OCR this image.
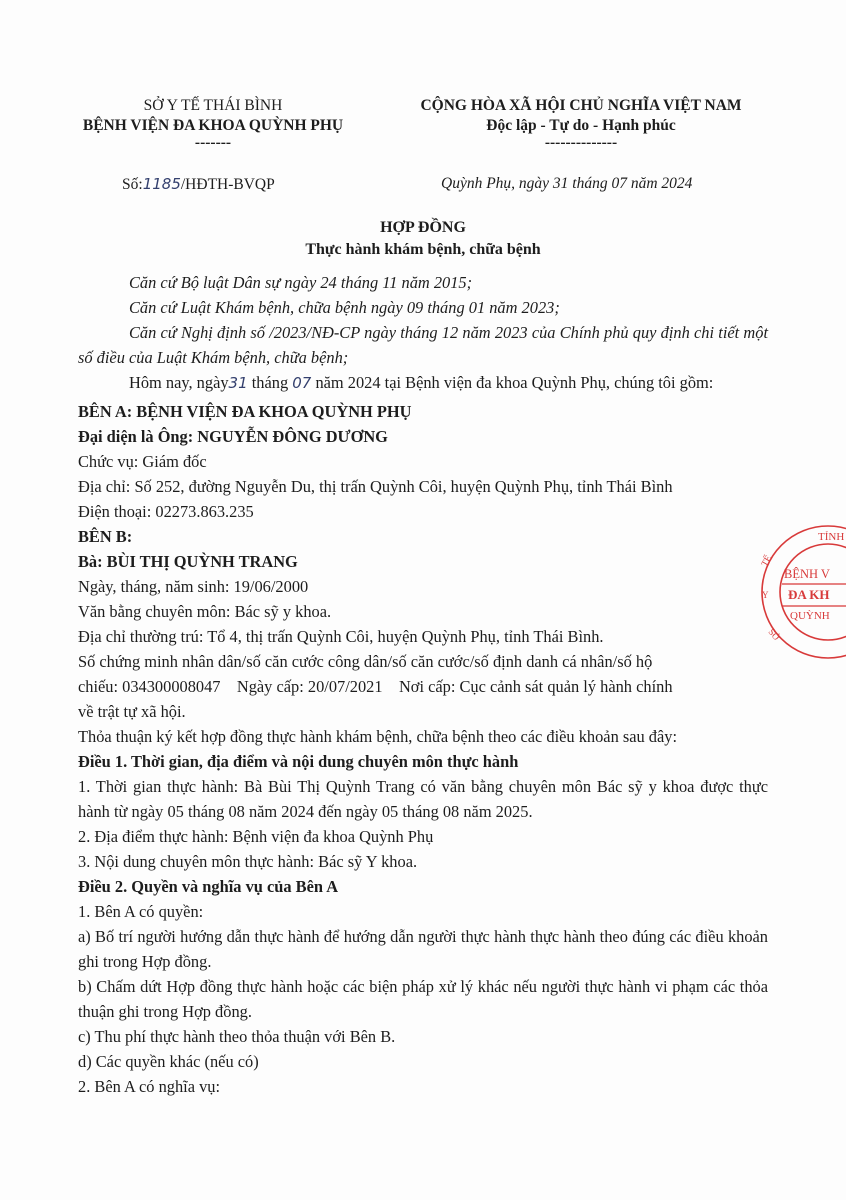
SỞ Y TẾ THÁI BÌNH
BỆNH VIỆN ĐA KHOA QUỲNH PHỤ
-------
CỘNG HÒA XÃ HỘI CHỦ NGHĨA VIỆT NAM
Độc lập - Tự do - Hạnh phúc
--------------
Số:1185/HĐTH-BVQP	Quỳnh Phụ, ngày 31 tháng 07 năm 2024
HỢP ĐỒNG
Thực hành khám bệnh, chữa bệnh

Căn cứ Bộ luật Dân sự ngày 24 tháng 11 năm 2015;

Căn cứ Luật Khám bệnh, chữa bệnh ngày 09 tháng 01 năm 2023;

Căn cứ Nghị định số /2023/NĐ-CP ngày tháng 12 năm 2023 của Chính phủ quy định chi tiết một số điều của Luật Khám bệnh, chữa bệnh;

Hôm nay, ngày31 tháng 07 năm 2024 tại Bệnh viện đa khoa Quỳnh Phụ, chúng tôi gồm:

BÊN A: BỆNH VIỆN ĐA KHOA QUỲNH PHỤ

Đại diện là Ông: NGUYỄN ĐÔNG DƯƠNG

Chức vụ: Giám đốc

Địa chỉ: Số 252, đường Nguyễn Du, thị trấn Quỳnh Côi, huyện Quỳnh Phụ, tỉnh Thái Bình

Điện thoại: 02273.863.235

BÊN B:

Bà: BÙI THỊ QUỲNH TRANG

Ngày, tháng, năm sinh: 19/06/2000

Văn bằng chuyên môn: Bác sỹ y khoa.

Địa chỉ thường trú: Tổ 4, thị trấn Quỳnh Côi, huyện Quỳnh Phụ, tỉnh Thái Bình.

Số chứng minh nhân dân/số căn cước công dân/số căn cước/số định danh cá nhân/số hộ

chiếu: 034300008047    Ngày cấp: 20/07/2021    Nơi cấp: Cục cảnh sát quản lý hành chính

về trật tự xã hội.

Thỏa thuận ký kết hợp đồng thực hành khám bệnh, chữa bệnh theo các điều khoản sau đây:

Điều 1. Thời gian, địa điểm và nội dung chuyên môn thực hành

1. Thời gian thực hành: Bà Bùi Thị Quỳnh Trang có văn bằng chuyên môn Bác sỹ y khoa được thực hành từ ngày 05 tháng 08 năm 2024 đến ngày 05 tháng 08 năm 2025.

2. Địa điểm thực hành: Bệnh viện đa khoa Quỳnh Phụ

3. Nội dung chuyên môn thực hành: Bác sỹ Y khoa.

Điều 2. Quyền và nghĩa vụ của Bên A

1. Bên A có quyền:

a) Bố trí người hướng dẫn thực hành để hướng dẫn người thực hành thực hành theo đúng các điều khoản ghi trong Hợp đồng.

b) Chấm dứt Hợp đồng thực hành hoặc các biện pháp xử lý khác nếu người thực hành vi phạm các thỏa thuận ghi trong Hợp đồng.

c) Thu phí thực hành theo thỏa thuận với Bên B.

d) Các quyền khác (nếu có)

2. Bên A có nghĩa vụ:

TỈNH
TẾ
Y
SỞ
BỆNH V
ĐA KH
QUỲNH
